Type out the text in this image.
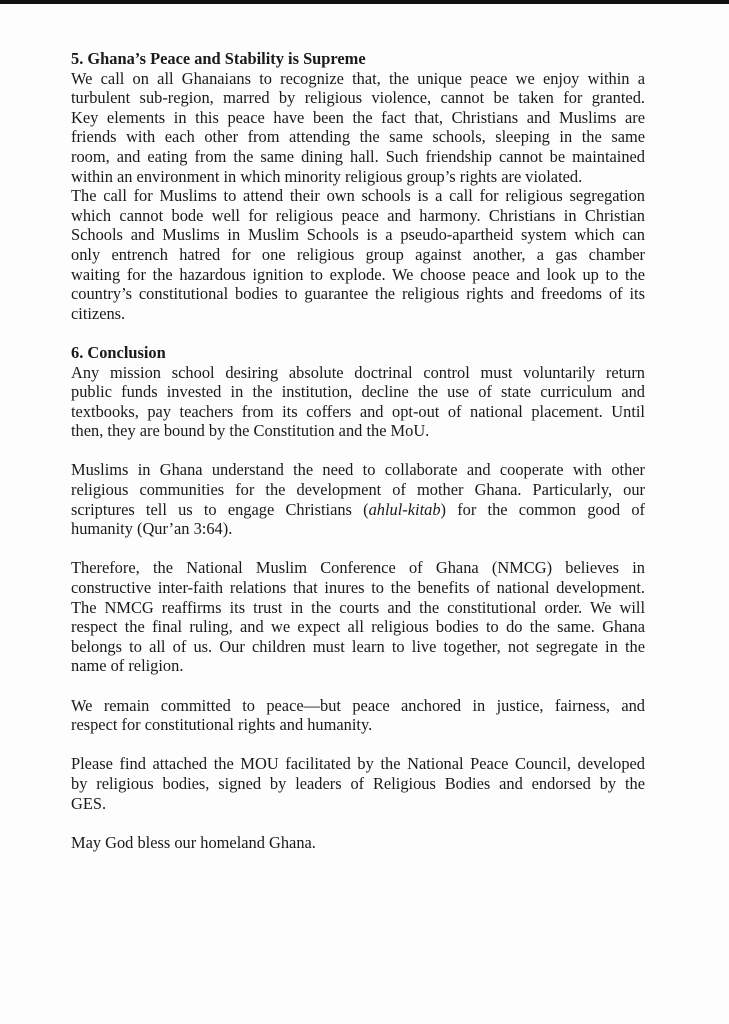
5. Ghana’s Peace and Stability is Supreme
We call on all Ghanaians to recognize that, the unique peace we enjoy within a
turbulent sub-region, marred by religious violence, cannot be taken for granted.
Key elements in this peace have been the fact that, Christians and Muslims are
friends with each other from attending the same schools, sleeping in the same
room, and eating from the same dining hall. Such friendship cannot be maintained
within an environment in which minority religious group’s rights are violated.
The call for Muslims to attend their own schools is a call for religious segregation
which cannot bode well for religious peace and harmony. Christians in Christian
Schools and Muslims in Muslim Schools is a pseudo-apartheid system which can
only entrench hatred for one religious group against another, a gas chamber
waiting for the hazardous ignition to explode. We choose peace and look up to the
country’s constitutional bodies to guarantee the religious rights and freedoms of its
citizens.
6. Conclusion
Any mission school desiring absolute doctrinal control must voluntarily return
public funds invested in the institution, decline the use of state curriculum and
textbooks, pay teachers from its coffers and opt-out of national placement. Until
then, they are bound by the Constitution and the MoU.
Muslims in Ghana understand the need to collaborate and cooperate with other
religious communities for the development of mother Ghana. Particularly, our
scriptures tell us to engage Christians (ahlul-kitab) for the common good of
humanity (Qur’an 3:64).
Therefore, the National Muslim Conference of Ghana (NMCG) believes in
constructive inter-faith relations that inures to the benefits of national development.
The NMCG reaffirms its trust in the courts and the constitutional order. We will
respect the final ruling, and we expect all religious bodies to do the same. Ghana
belongs to all of us. Our children must learn to live together, not segregate in the
name of religion.
We remain committed to peace—but peace anchored in justice, fairness, and
respect for constitutional rights and humanity.
Please find attached the MOU facilitated by the National Peace Council, developed
by religious bodies, signed by leaders of Religious Bodies and endorsed by the
GES.
May God bless our homeland Ghana.
